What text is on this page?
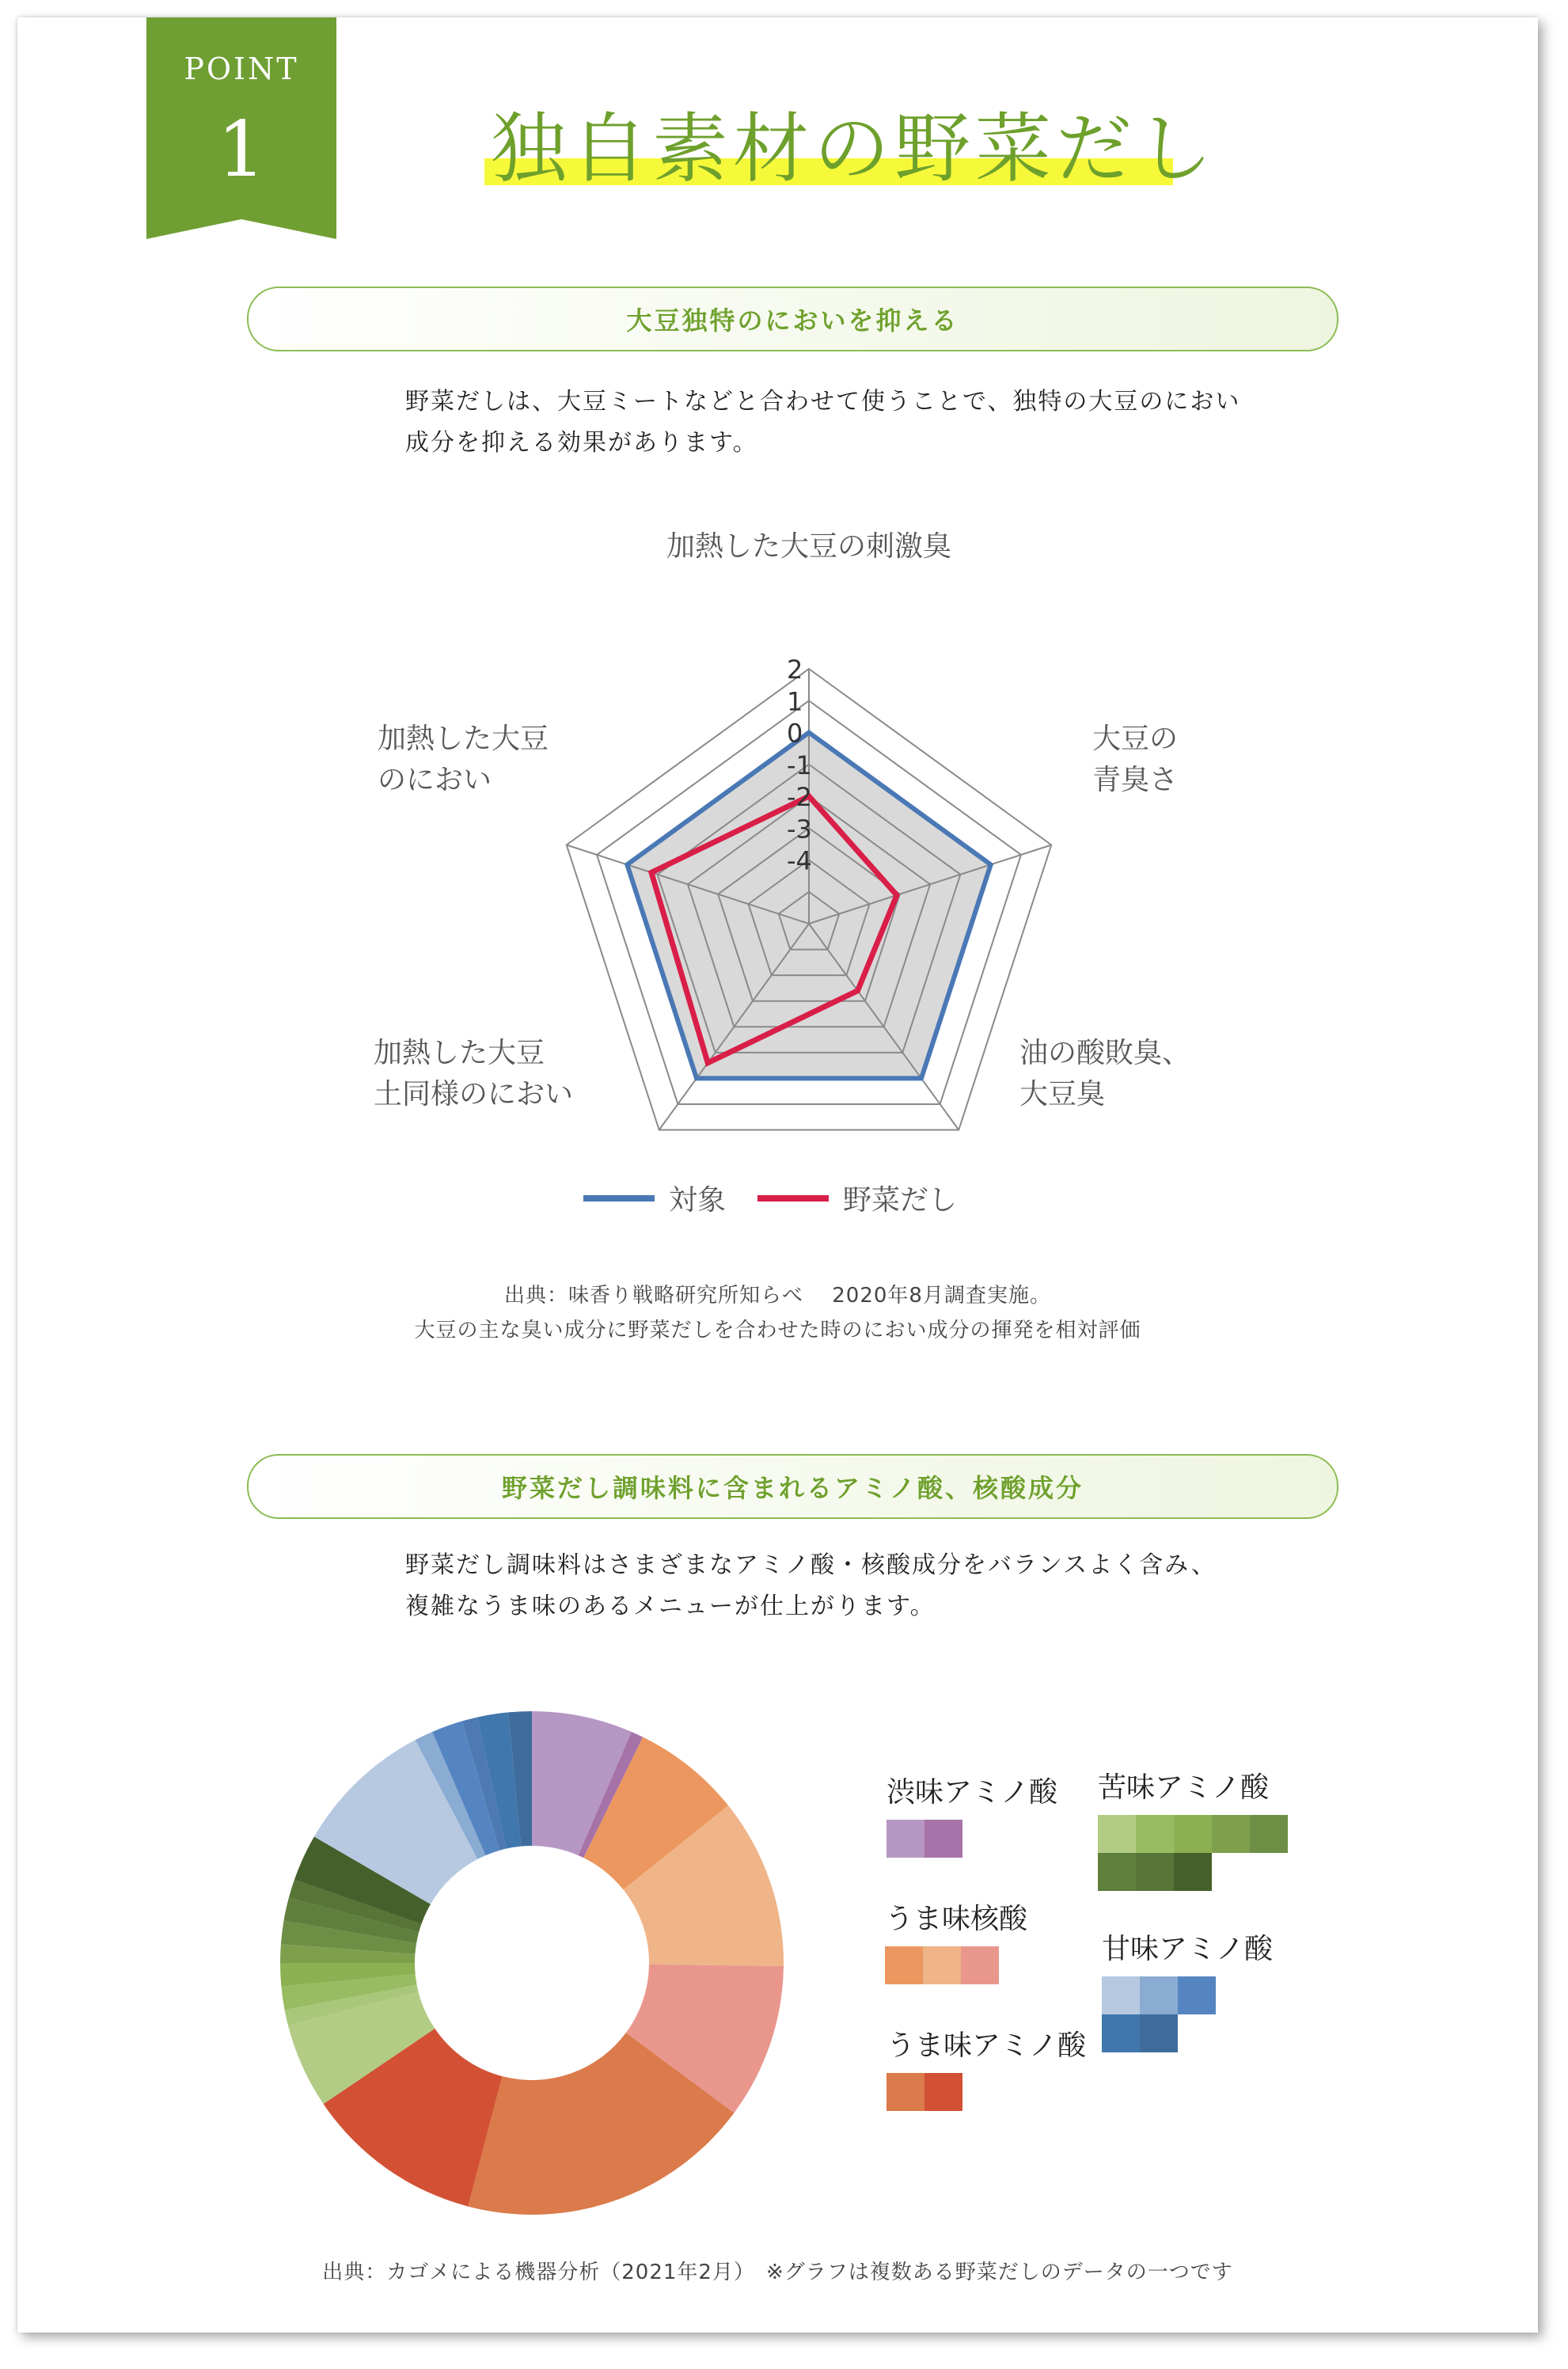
POINT
1	独自素材の野菜だし
大豆独特のにおいを抑える
野菜だしは、大豆ミートなどと合わせて使うことで、独特の大豆のにおい
成分を抑える効果があります。
2
1
0
-1
-2
-3
-4
加熱した大豆の刺激臭
大豆の青臭さ
油の酸敗臭、大豆臭
加熱した大豆土同様のにおい
加熱した大豆のにおい
対象	野菜だし
出典：味香り戦略研究所知らべ　 2020年8月調査実施。
大豆の主な臭い成分に野菜だしを合わせた時のにおい成分の揮発を相対評価
野菜だし調味料に含まれるアミノ酸、核酸成分
野菜だし調味料はさまざまなアミノ酸・核酸成分をバランスよく含み、
複雑なうま味のあるメニューが仕上がります。
渋味アミノ酸
うま味核酸
うま味アミノ酸
苦味アミノ酸
甘味アミノ酸
出典：カゴメによる機器分析（2021年2月）　※グラフは複数ある野菜だしのデータの一つです
